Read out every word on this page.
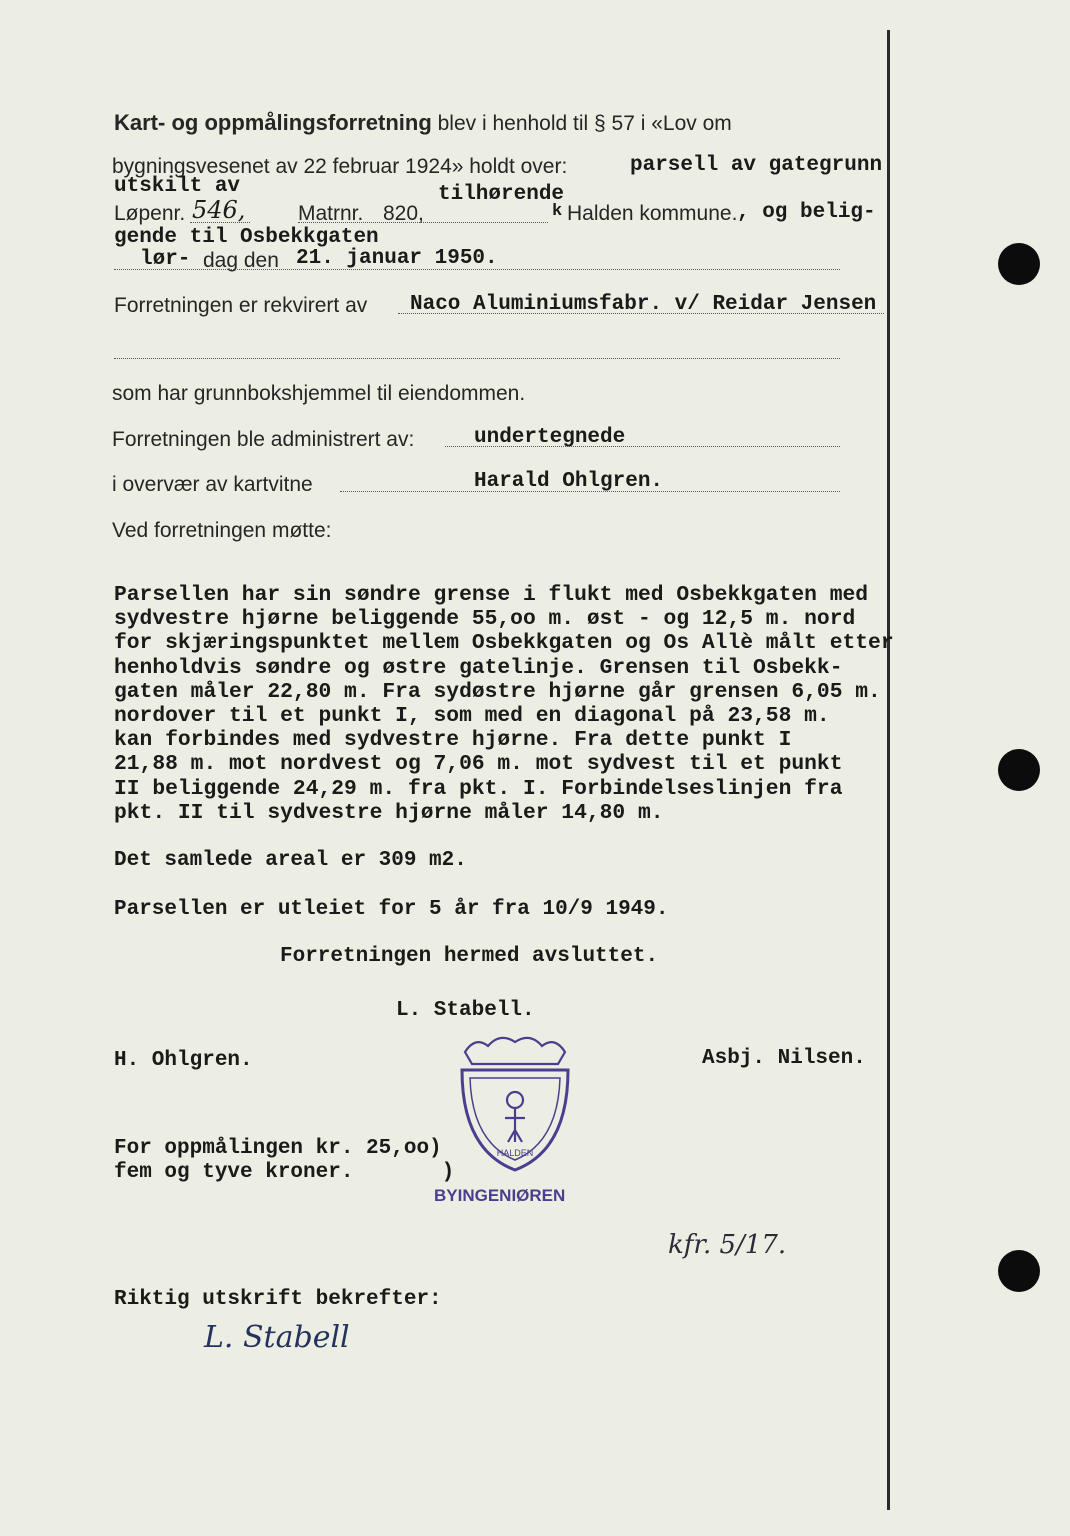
Kart- og oppmålingsforretning blev i henhold til § 57 i «Lov om
bygningsvesenet av 22 februar 1924» holdt over:	parsell av gategrunn
utskilt av	tilhørende
Løpenr. 546,	Matrnr. 820,	k Halden kommune. , og belig-
gende til Osbekkgaten
lør- dag den 21. januar 1950.
Forretningen er rekvirert av Naco Aluminiumsfabr. v/ Reidar Jensen
som har grunnbokshjemmel til eiendommen.
Forretningen ble administrert av:	undertegnede
i overvær av kartvitne	Harald Ohlgren.
Ved forretningen møtte:
Parsellen har sin søndre grense i flukt med Osbekkgaten med
sydvestre hjørne beliggende 55,oo m. øst - og 12,5 m. nord
for skjæringspunktet mellem Osbekkgaten og Os Allè målt etter
henholdvis søndre og østre gatelinje. Grensen til Osbekk-
gaten måler 22,80 m. Fra sydøstre hjørne går grensen 6,05 m.
nordover til et punkt I, som med en diagonal på 23,58 m.
kan forbindes med sydvestre hjørne. Fra dette punkt I
21,88 m. mot nordvest og 7,06 m. mot sydvest til et punkt
II beliggende 24,29 m. fra pkt. I. Forbindelseslinjen fra
pkt. II til sydvestre hjørne måler 14,80 m.
Det samlede areal er 309 m2.
Parsellen er utleiet for 5 år fra 10/9 1949.
Forretningen hermed avsluttet.
L. Stabell.
H. Ohlgren.	Asbj. Nilsen.
For oppmålingen kr. 25,oo)
fem og tyve kroner.       )
HALDEN
BYINGENIØREN
kfr. 5/17.
Riktig utskrift bekrefter:
L. Stabell
